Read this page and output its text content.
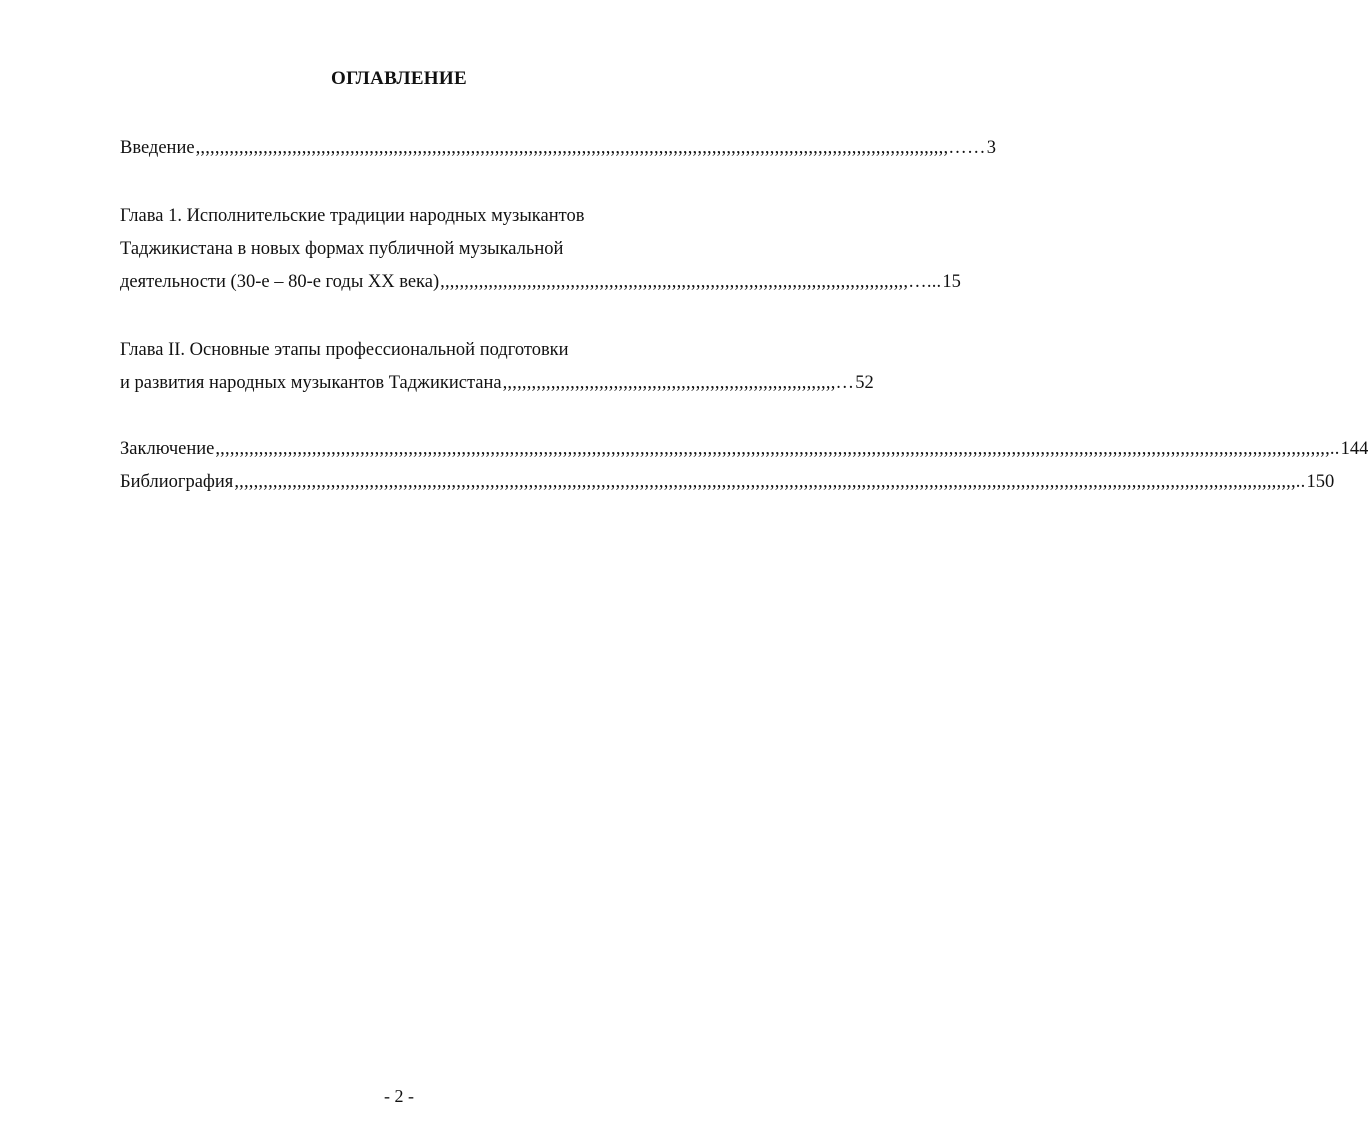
ОГЛАВЛЕНИЕ
Введение ,,,,,,,,,,,,,,,,,,,,,,,,,,,,,,,,,,,,,,,,,,,,,,,,,,,,,,,,,,,,,,,,,,,,,,,,,,,,,,,,,,,,,,,,,,,,,,,,,,,,,,,,,,,,,,,,,,,,,,,,,,,,,,,,,,,,,,,,,,,,,,,,,,,,,,,,,,,,…… 3
Глава 1. Исполнительские традиции народных музыкантов
Таджикистана в новых формах публичной музыкальной
деятельности (30-е – 80-е годы XX века) ,,,,,,,,,,,,,,,,,,,,,,,,,,,,,,,,,,,,,,,,,,,,,,,,,,,,,,,,,,,,,,,,,,,,,,,,,,,,,,,,,,,,,,,,,,,,,,,,,…... 15
Глава II. Основные этапы профессиональной подготовки
и развития народных музыкантов Таджикистана ,,,,,,,,,,,,,,,,,,,,,,,,,,,,,,,,,,,,,,,,,,,,,,,,,,,,,,,,,,,,,,,,,,,,,… 52
Заключение ,,,,,,,,,,,,,,,,,,,,,,,,,,,,,,,,,,,,,,,,,,,,,,,,,,,,,,,,,,,,,,,,,,,,,,,,,,,,,,,,,,,,,,,,,,,,,,,,,,,,,,,,,,,,,,,,,,,,,,,,,,,,,,,,,,,,,,,,,,,,,,,,,,,,,,,,,,,,,,,,,,,,,,,,,,,,,,,,,,,,,,,,,,,,,,,,,,,,,,,,,,,,,,,,,,,,,,,,,,,,,,,,,,,,,,,.. 144
Библиография ,,,,,,,,,,,,,,,,,,,,,,,,,,,,,,,,,,,,,,,,,,,,,,,,,,,,,,,,,,,,,,,,,,,,,,,,,,,,,,,,,,,,,,,,,,,,,,,,,,,,,,,,,,,,,,,,,,,,,,,,,,,,,,,,,,,,,,,,,,,,,,,,,,,,,,,,,,,,,,,,,,,,,,,,,,,,,,,,,,,,,,,,,,,,,,,,,,,,,,,,,,,,,,,,,,,,,,,,,,,,.. 150
- 2 -
